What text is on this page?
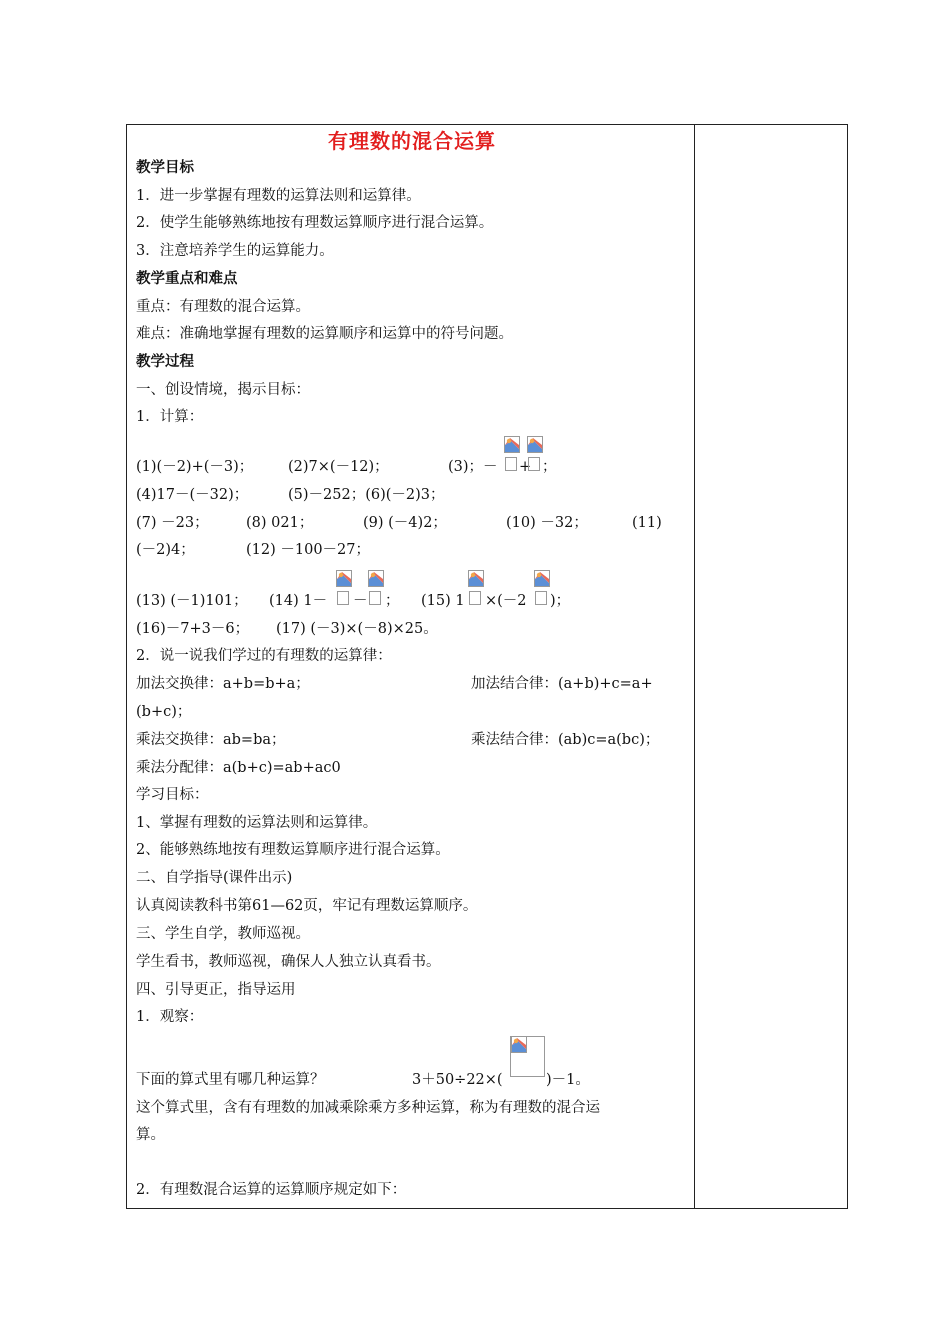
有理数的混合运算
教学目标
1．进一步掌握有理数的运算法则和运算律。
2．使学生能够熟练地按有理数运算顺序进行混合运算。
3．注意培养学生的运算能力。
教学重点和难点
重点：有理数的混合运算。
难点：准确地掌握有理数的运算顺序和运算中的符号问题。
教学过程
一、创设情境，揭示目标：
1．计算：
(1)(－2)+(－3)； (2)7×(－12)；	(3)；－ + ；
(4)17－(－32)；	(5)－252；(6)(－2)3；
(7) －23；	(8) 021；	(9) (－4)2；	(10) －32；	(11)
(－2)4；	(12) －100－27；
(13) (－1)101； (14) 1－ － ； (15) 1 ×(－2 )；
(16)－7+3－6； (17) (－3)×(－8)×25。
2．说一说我们学过的有理数的运算律：
加法交换律：a+b=b+a；	加法结合律：(a+b)+c=a+
(b+c)；
乘法交换律：ab=ba；	乘法结合律：(ab)c=a(bc)；
乘法分配律：a(b+c)=ab+ac0
学习目标：
1、掌握有理数的运算法则和运算律。
2、能够熟练地按有理数运算顺序进行混合运算。
二、自学指导(课件出示)
认真阅读教科书第61—62页，牢记有理数运算顺序。
三、学生自学，教师巡视。
学生看书，教师巡视，确保人人独立认真看书。
四、引导更正，指导运用
1．观察：
下面的算式里有哪几种运算？	3＋50÷22×(	)－1。
这个算式里，含有有理数的加减乘除乘方多种运算，称为有理数的混合运
算。
2．有理数混合运算的运算顺序规定如下：
